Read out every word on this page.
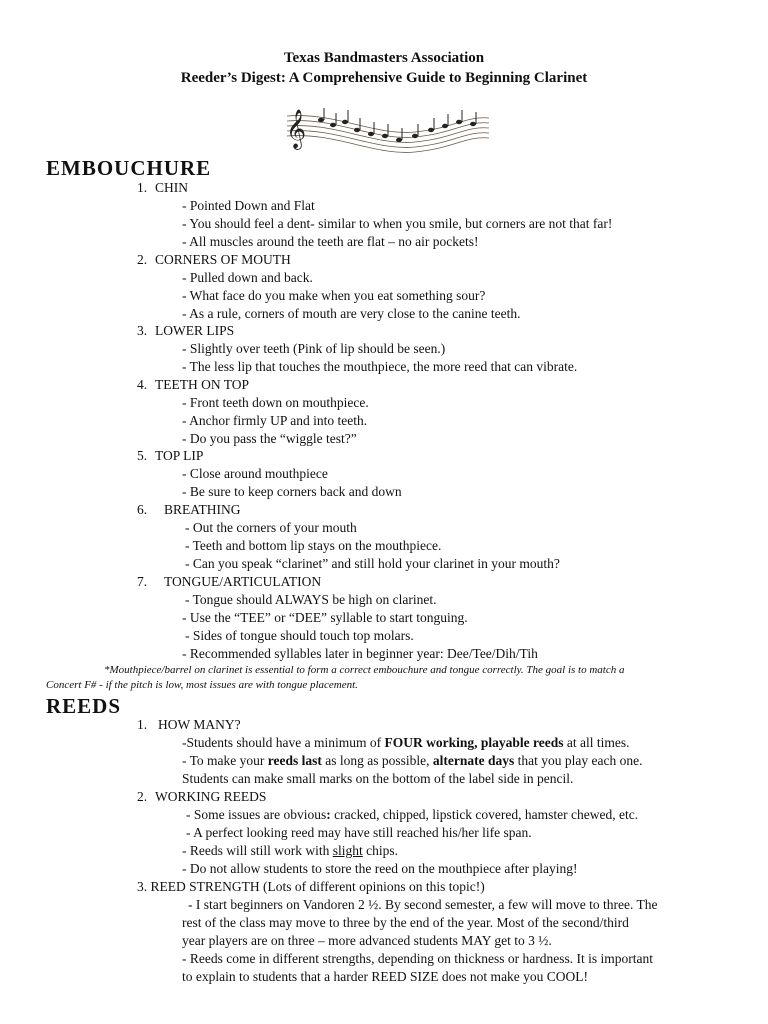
Texas Bandmasters Association
Reeder’s Digest: A Comprehensive Guide to Beginning Clarinet
𝄞
EMBOUCHURE
1. CHIN
- Pointed Down and Flat
- You should feel a dent- similar to when you smile, but corners are not that far!
- All muscles around the teeth are flat – no air pockets!
2. CORNERS OF MOUTH
- Pulled down and back.
- What face do you make when you eat something sour?
- As a rule, corners of mouth are very close to the canine teeth.
3. LOWER LIPS
- Slightly over teeth (Pink of lip should be seen.)
- The less lip that touches the mouthpiece, the more reed that can vibrate.
4. TEETH ON TOP
- Front teeth down on mouthpiece.
- Anchor firmly UP and into teeth.
- Do you pass the “wiggle test?”
5. TOP LIP
- Close around mouthpiece
- Be sure to keep corners back and down
6. BREATHING
- Out the corners of your mouth
- Teeth and bottom lip stays on the mouthpiece.
- Can you speak “clarinet” and still hold your clarinet in your mouth?
7. TONGUE/ARTICULATION
- Tongue should ALWAYS be high on clarinet.
- Use the “TEE” or “DEE” syllable to start tonguing.
- Sides of tongue should touch top molars.
- Recommended syllables later in beginner year: Dee/Tee/Dih/Tih
*Mouthpiece/barrel on clarinet is essential to form a correct embouchure and tongue correctly. The goal is to match a
Concert F# - if the pitch is low, most issues are with tongue placement.
REEDS
1. HOW MANY?
-Students should have a minimum of FOUR working, playable reeds at all times.
- To make your reeds last as long as possible, alternate days that you play each one.
Students can make small marks on the bottom of the label side in pencil.
2. WORKING REEDS
- Some issues are obvious: cracked, chipped, lipstick covered, hamster chewed, etc.
- A perfect looking reed may have still reached his/her life span.
- Reeds will still work with slight chips.
- Do not allow students to store the reed on the mouthpiece after playing!
3. REED STRENGTH (Lots of different opinions on this topic!)
- I start beginners on Vandoren 2 ½. By second semester, a few will move to three. The
rest of the class may move to three by the end of the year. Most of the second/third
year players are on three – more advanced students MAY get to 3 ½.
- Reeds come in different strengths, depending on thickness or hardness. It is important
to explain to students that a harder REED SIZE does not make you COOL!
